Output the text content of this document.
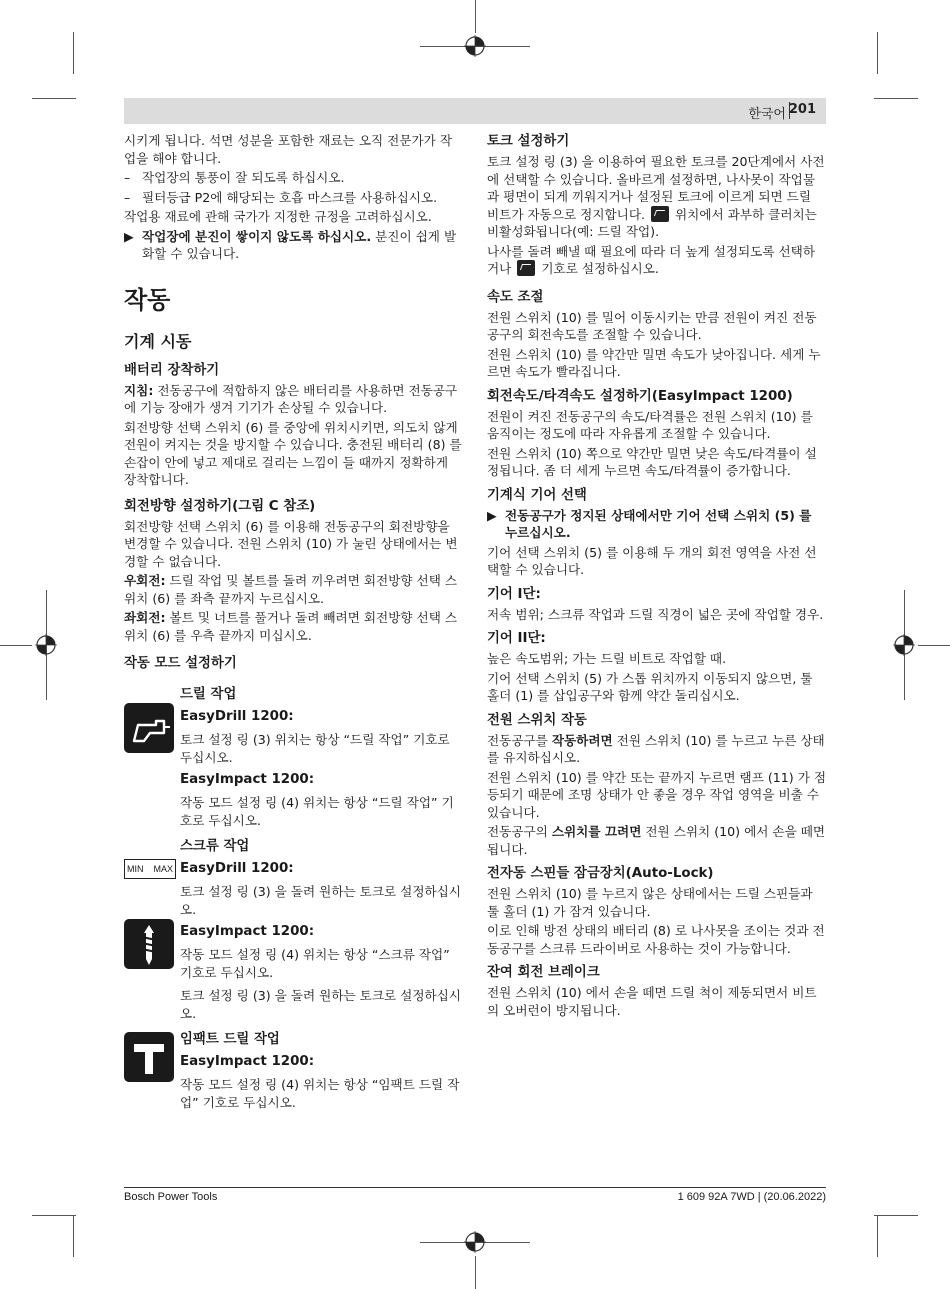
한국어 201

시키게 됩니다. 석면 성분을 포함한 재료는 오직 전문가가 작업을 해야 합니다.

– 작업장의 통풍이 잘 되도록 하십시오.
– 필터등급 P2에 해당되는 호흡 마스크를 사용하십시오.

작업용 재료에 관해 국가가 지정한 규정을 고려하십시오.

▶ 작업장에 분진이 쌓이지 않도록 하십시오. 분진이 쉽게 발화할 수 있습니다.
작동
기계 시동
배터리 장착하기

지침: 전동공구에 적합하지 않은 배터리를 사용하면 전동공구에 기능 장애가 생겨 기기가 손상될 수 있습니다.

회전방향 선택 스위치 (6) 를 중앙에 위치시키면, 의도치 않게 전원이 켜지는 것을 방지할 수 있습니다. 충전된 배터리 (8) 를 손잡이 안에 넣고 제대로 걸리는 느낌이 들 때까지 정확하게 장착합니다.

회전방향 설정하기(그림 C 참조)

회전방향 선택 스위치 (6) 를 이용해 전동공구의 회전방향을 변경할 수 있습니다. 전원 스위치 (10) 가 눌린 상태에서는 변경할 수 없습니다.

우회전: 드릴 작업 및 볼트를 돌려 끼우려면 회전방향 선택 스위치 (6) 를 좌측 끝까지 누르십시오.

좌회전: 볼트 및 너트를 풀거나 돌려 빼려면 회전방향 선택 스위치 (6) 를 우측 끝까지 미십시오.

작동 모드 설정하기
드릴 작업
EasyDrill 1200:

토크 설정 링 (3) 위치는 항상 “드릴 작업” 기호로 두십시오.

EasyImpact 1200:

작동 모드 설정 링 (4) 위치는 항상 “드릴 작업” 기호로 두십시오.

MIN MAX
스크류 작업
EasyDrill 1200:

토크 설정 링 (3) 을 돌려 원하는 토크로 설정하십시오.

EasyImpact 1200:

작동 모드 설정 링 (4) 위치는 항상 “스크류 작업” 기호로 두십시오.

토크 설정 링 (3) 을 돌려 원하는 토크로 설정하십시오.

임팩트 드릴 작업
EasyImpact 1200:

작동 모드 설정 링 (4) 위치는 항상 “임팩트 드릴 작업” 기호로 두십시오.

토크 설정하기

토크 설정 링 (3) 을 이용하여 필요한 토크를 20단계에서 사전에 선택할 수 있습니다. 올바르게 설정하면, 나사못이 작업물과 평면이 되게 끼워지거나 설정된 토크에 이르게 되면 드릴 비트가 자동으로 정지합니다.  위치에서 과부하 클러치는 비활성화됩니다(예: 드릴 작업).

나사를 돌려 빼낼 때 필요에 따라 더 높게 설정되도록 선택하거나  기호로 설정하십시오.

속도 조절

전원 스위치 (10) 를 밀어 이동시키는 만큼 전원이 켜진 전동공구의 회전속도를 조절할 수 있습니다.

전원 스위치 (10) 를 약간만 밀면 속도가 낮아집니다. 세게 누르면 속도가 빨라집니다.

회전속도/타격속도 설정하기(EasyImpact 1200)

전원이 켜진 전동공구의 속도/타격률은 전원 스위치 (10) 를 움직이는 정도에 따라 자유롭게 조절할 수 있습니다.

전원 스위치 (10) 쪽으로 약간만 밀면 낮은 속도/타격률이 설정됩니다. 좀 더 세게 누르면 속도/타격률이 증가합니다.

기계식 기어 선택
▶ 전동공구가 정지된 상태에서만 기어 선택 스위치 (5) 를 누르십시오.

기어 선택 스위치 (5) 를 이용해 두 개의 회전 영역을 사전 선택할 수 있습니다.

기어 I단:

저속 범위; 스크류 작업과 드릴 직경이 넓은 곳에 작업할 경우.

기어 II단:

높은 속도범위; 가는 드릴 비트로 작업할 때.

기어 선택 스위치 (5) 가 스톱 위치까지 이동되지 않으면, 툴 홀더 (1) 를 삽입공구와 함께 약간 돌리십시오.

전원 스위치 작동

전동공구를 작동하려면 전원 스위치 (10) 를 누르고 누른 상태를 유지하십시오.

전원 스위치 (10) 를 약간 또는 끝까지 누르면 램프 (11) 가 점등되기 때문에 조명 상태가 안 좋을 경우 작업 영역을 비출 수 있습니다.

전동공구의 스위치를 끄려면 전원 스위치 (10) 에서 손을 떼면 됩니다.

전자동 스핀들 잠금장치(Auto-Lock)

전원 스위치 (10) 를 누르지 않은 상태에서는 드릴 스핀들과 툴 홀더 (1) 가 잠겨 있습니다.

이로 인해 방전 상태의 배터리 (8) 로 나사못을 조이는 것과 전동공구를 스크류 드라이버로 사용하는 것이 가능합니다.

잔여 회전 브레이크

전원 스위치 (10) 에서 손을 떼면 드릴 척이 제동되면서 비트의 오버런이 방지됩니다.

Bosch Power Tools	1 609 92A 7WD | (20.06.2022)
